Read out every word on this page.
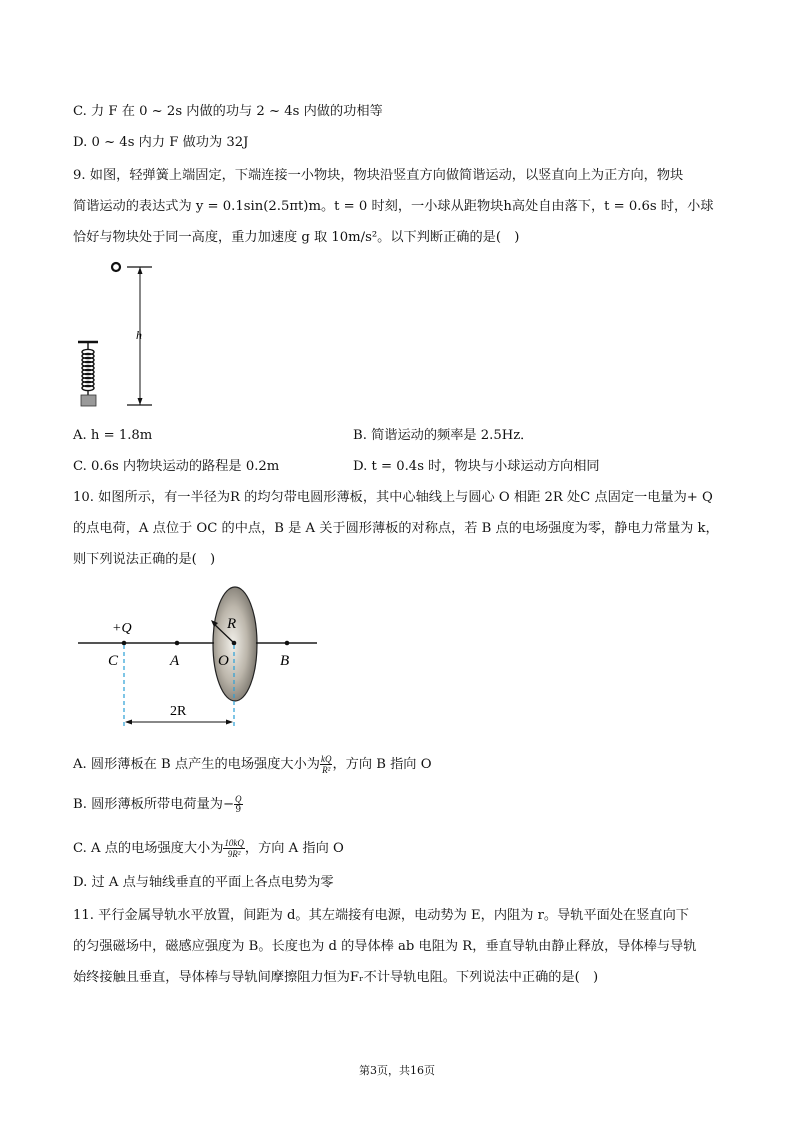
C. 力 F 在 0 ~ 2s 内做的功与 2 ~ 4s 内做的功相等
D. 0 ~ 4s 内力 F 做功为 32J
9. 如图，轻弹簧上端固定，下端连接一小物块，物块沿竖直方向做简谐运动，以竖直向上为正方向，物块
简谐运动的表达式为 y = 0.1sin(2.5πt)m。t = 0 时刻，一小球从距物块h高处自由落下，t = 0.6s 时，小球
恰好与物块处于同一高度，重力加速度 g 取 10m/s²。以下判断正确的是(　)
h
A. h = 1.8m	B. 简谐运动的频率是 2.5Hz．
C. 0.6s 内物块运动的路程是 0.2m	D. t = 0.4s 时，物块与小球运动方向相同
10. 如图所示，有一半径为R 的均匀带电圆形薄板，其中心轴线上与圆心 O 相距 2R 处C 点固定一电量为+ Q
的点电荷，A 点位于 OC 的中点，B 是 A 关于圆形薄板的对称点，若 B 点的电场强度为零，静电力常量为 k，
则下列说法正确的是(　)
+Q
C	A	O
R
B
2R
A. 圆形薄板在 B 点产生的电场强度大小为 $\frac{kQ}{\text{R²}}$ ，方向 B 指向 O
B. 圆形薄板所带电荷量为− $\frac{Q}{9}$
C. A 点的电场强度大小为 $\frac{10kQ}{\text{9R²}}$ ，方向 A 指向 O
D. 过 A 点与轴线垂直的平面上各点电势为零
11. 平行金属导轨水平放置，间距为 d。其左端接有电源，电动势为 E，内阻为 r。导轨平面处在竖直向下
的匀强磁场中，磁感应强度为 B。长度也为 d 的导体棒 ab 电阻为 R，垂直导轨由静止释放，导体棒与导轨
始终接触且垂直，导体棒与导轨间摩擦阻力恒为Fᵣ不计导轨电阻。下列说法中正确的是(　)
第3页，共16页
